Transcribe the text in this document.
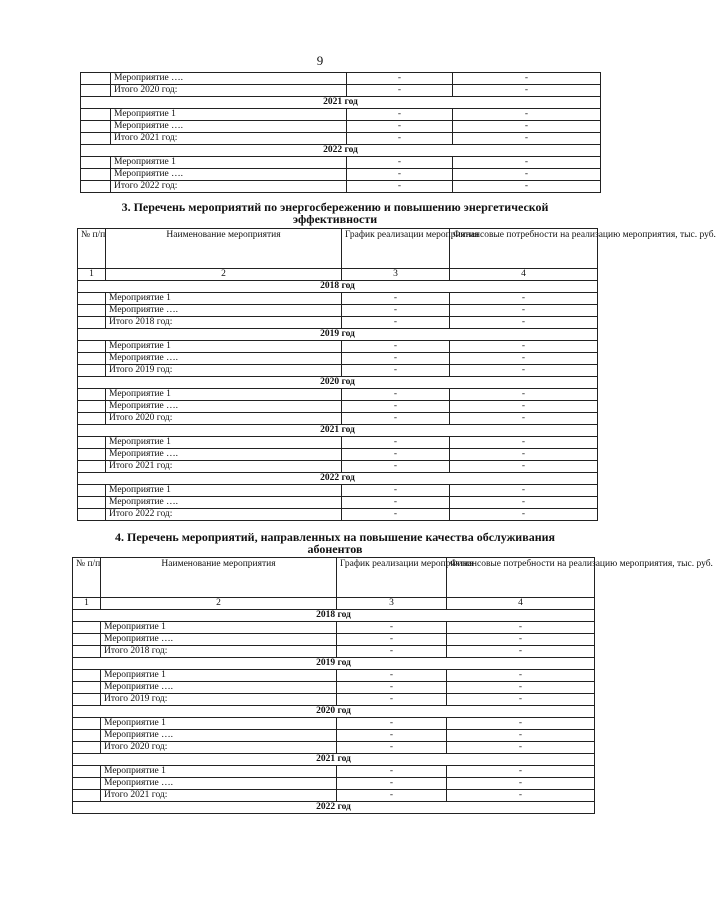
9
	Мероприятие ….	-	-
	Итого 2020 год:	-	-
2021 год			
	Мероприятие 1	-	-
	Мероприятие ….	-	-
	Итого 2021 год:	-	-
2022 год			
	Мероприятие 1	-	-
	Мероприятие ….	-	-
	Итого 2022 год:	-	-
3. Перечень мероприятий по энергосбережению и повышению энергетической
эффективности
№ п/п	Наименование мероприятия	График реализации мероприятия	Финансовые потребности на реализацию мероприятия, тыс. руб.
1	2	3	4
2018 год			
	Мероприятие 1	-	-
	Мероприятие ….	-	-
	Итого 2018 год:	-	-
2019 год			
	Мероприятие 1	-	-
	Мероприятие ….	-	-
	Итого 2019 год:	-	-
2020 год			
	Мероприятие 1	-	-
	Мероприятие ….	-	-
	Итого 2020 год:	-	-
2021 год			
	Мероприятие 1	-	-
	Мероприятие ….	-	-
	Итого 2021 год:	-	-
2022 год			
	Мероприятие 1	-	-
	Мероприятие ….	-	-
	Итого 2022 год:	-	-
4. Перечень мероприятий, направленных на повышение качества обслуживания
абонентов
№ п/п	Наименование мероприятия	График реализации мероприятия	Финансовые потребности на реализацию мероприятия, тыс. руб.
1	2	3	4
2018 год			
	Мероприятие 1	-	-
	Мероприятие ….	-	-
	Итого 2018 год:	-	-
2019 год			
	Мероприятие 1	-	-
	Мероприятие ….	-	-
	Итого 2019 год:	-	-
2020 год			
	Мероприятие 1	-	-
	Мероприятие ….	-	-
	Итого 2020 год:	-	-
2021 год			
	Мероприятие 1	-	-
	Мероприятие ….	-	-
	Итого 2021 год:	-	-
2022 год			
